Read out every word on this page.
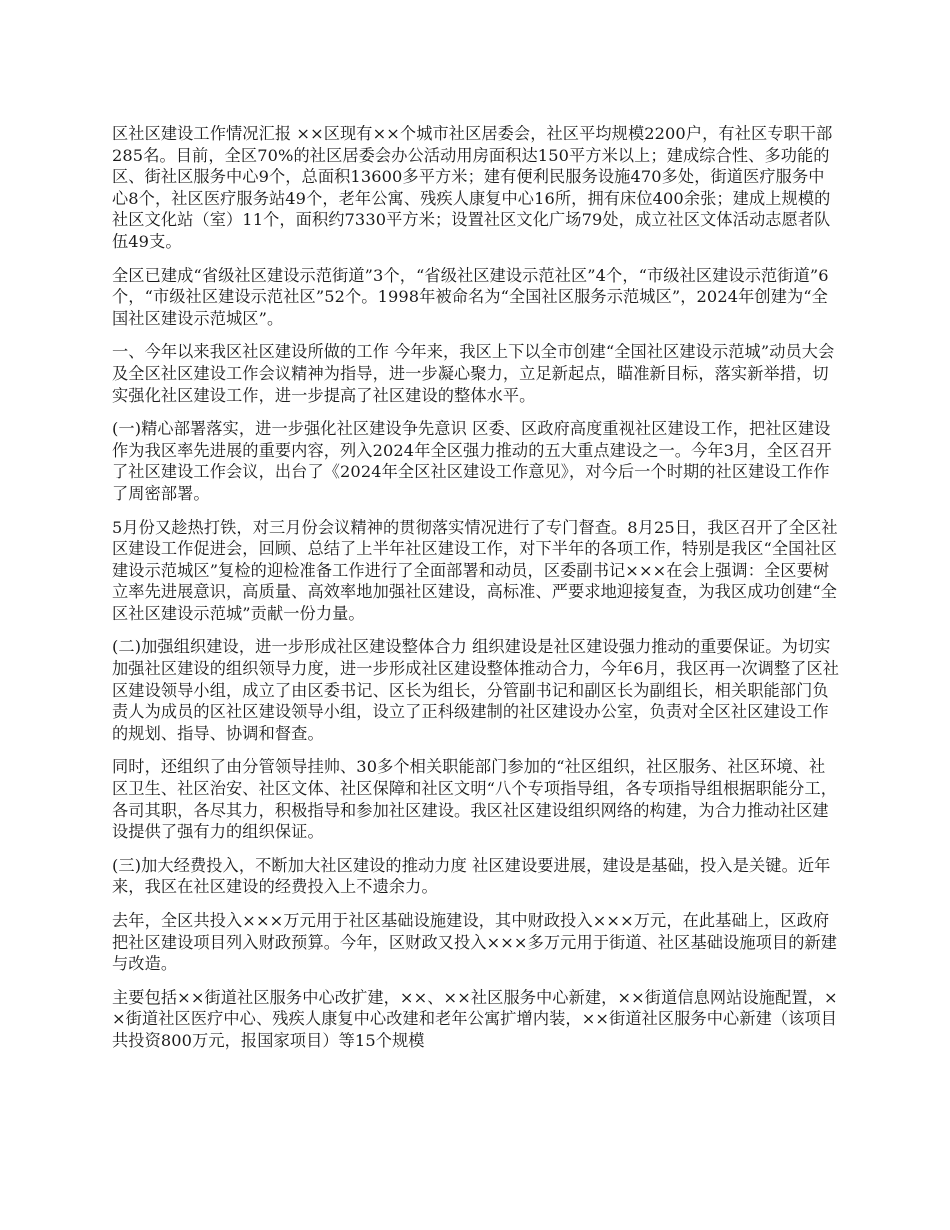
区社区建设工作情况汇报 ××区现有××个城市社区居委会，社区平均规模2200户，有社区专职干部285名。目前，全区70%的社区居委会办公活动用房面积达150平方米以上；建成综合性、多功能的区、街社区服务中心9个，总面积13600多平方米；建有便利民服务设施470多处，街道医疗服务中心8个，社区医疗服务站49个，老年公寓、残疾人康复中心16所，拥有床位400余张；建成上规模的社区文化站（室）11个，面积约7330平方米；设置社区文化广场79处，成立社区文体活动志愿者队伍49支。

全区已建成“省级社区建设示范街道”3个，“省级社区建设示范社区”4个，“市级社区建设示范街道”6个，“市级社区建设示范社区”52个。1998年被命名为“全国社区服务示范城区”，2024年创建为“全国社区建设示范城区”。

一、今年以来我区社区建设所做的工作 今年来，我区上下以全市创建“全国社区建设示范城”动员大会及全区社区建设工作会议精神为指导，进一步凝心聚力，立足新起点，瞄准新目标，落实新举措，切实强化社区建设工作，进一步提高了社区建设的整体水平。

(一)精心部署落实，进一步强化社区建设争先意识 区委、区政府高度重视社区建设工作，把社区建设作为我区率先进展的重要内容，列入2024年全区强力推动的五大重点建设之一。今年3月，全区召开了社区建设工作会议，出台了《2024年全区社区建设工作意见》，对今后一个时期的社区建设工作作了周密部署。

5月份又趁热打铁，对三月份会议精神的贯彻落实情况进行了专门督查。8月25日，我区召开了全区社区建设工作促进会，回顾、总结了上半年社区建设工作，对下半年的各项工作，特别是我区“全国社区建设示范城区”复检的迎检准备工作进行了全面部署和动员，区委副书记×××在会上强调：全区要树立率先进展意识，高质量、高效率地加强社区建设，高标准、严要求地迎接复查，为我区成功创建“全区社区建设示范城”贡献一份力量。

(二)加强组织建设，进一步形成社区建设整体合力 组织建设是社区建设强力推动的重要保证。为切实加强社区建设的组织领导力度，进一步形成社区建设整体推动合力，今年6月，我区再一次调整了区社区建设领导小组，成立了由区委书记、区长为组长，分管副书记和副区长为副组长，相关职能部门负责人为成员的区社区建设领导小组，设立了正科级建制的社区建设办公室，负责对全区社区建设工作的规划、指导、协调和督查。

同时，还组织了由分管领导挂帅、30多个相关职能部门参加的“社区组织，社区服务、社区环境、社区卫生、社区治安、社区文体、社区保障和社区文明“八个专项指导组，各专项指导组根据职能分工，各司其职，各尽其力，积极指导和参加社区建设。我区社区建设组织网络的构建，为合力推动社区建设提供了强有力的组织保证。

(三)加大经费投入，不断加大社区建设的推动力度 社区建设要进展，建设是基础，投入是关键。近年来，我区在社区建设的经费投入上不遗余力。

去年，全区共投入×××万元用于社区基础设施建设，其中财政投入×××万元，在此基础上，区政府把社区建设项目列入财政预算。今年，区财政又投入×××多万元用于街道、社区基础设施项目的新建与改造。

主要包括××街道社区服务中心改扩建，××、××社区服务中心新建，××街道信息网站设施配置，××街道社区医疗中心、残疾人康复中心改建和老年公寓扩增内装，××街道社区服务中心新建（该项目共投资800万元，报国家项目）等15个规模
